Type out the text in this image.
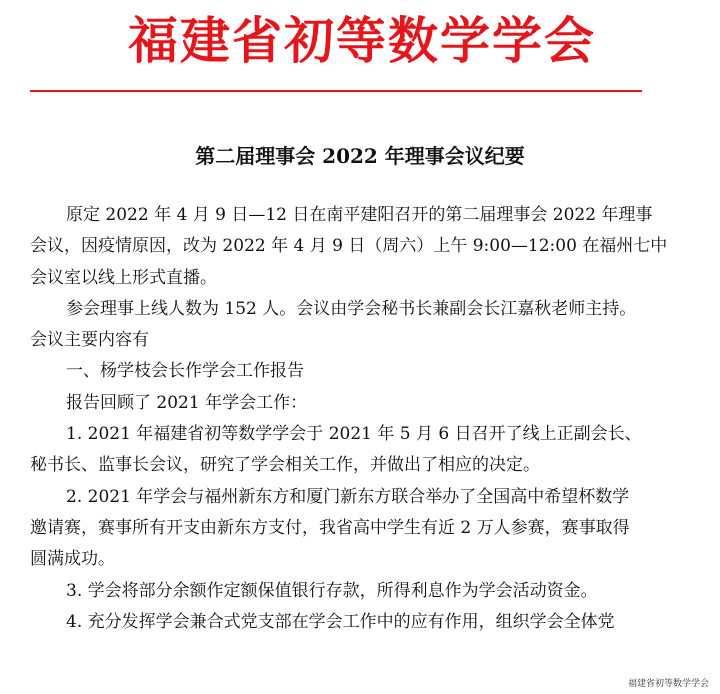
福建省初等数学学会
第二届理事会 2022 年理事会议纪要
原定 2022 年 4 月 9 日—12 日在南平建阳召开的第二届理事会 2022 年理事
会议，因疫情原因，改为 2022 年 4 月 9 日（周六）上午 9:00—12:00 在福州七中
会议室以线上形式直播。
参会理事上线人数为 152 人。会议由学会秘书长兼副会长江嘉秋老师主持。
会议主要内容有
一、杨学枝会长作学会工作报告
报告回顾了 2021 年学会工作：
1. 2021 年福建省初等数学学会于 2021 年 5 月 6 日召开了线上正副会长、
秘书长、监事长会议，研究了学会相关工作，并做出了相应的决定。
2. 2021 年学会与福州新东方和厦门新东方联合举办了全国高中希望杯数学
邀请赛，赛事所有开支由新东方支付，我省高中学生有近 2 万人参赛，赛事取得
圆满成功。
3. 学会将部分余额作定额保值银行存款，所得利息作为学会活动资金。
4. 充分发挥学会兼合式党支部在学会工作中的应有作用，组织学会全体党
福建省初等数学学会
